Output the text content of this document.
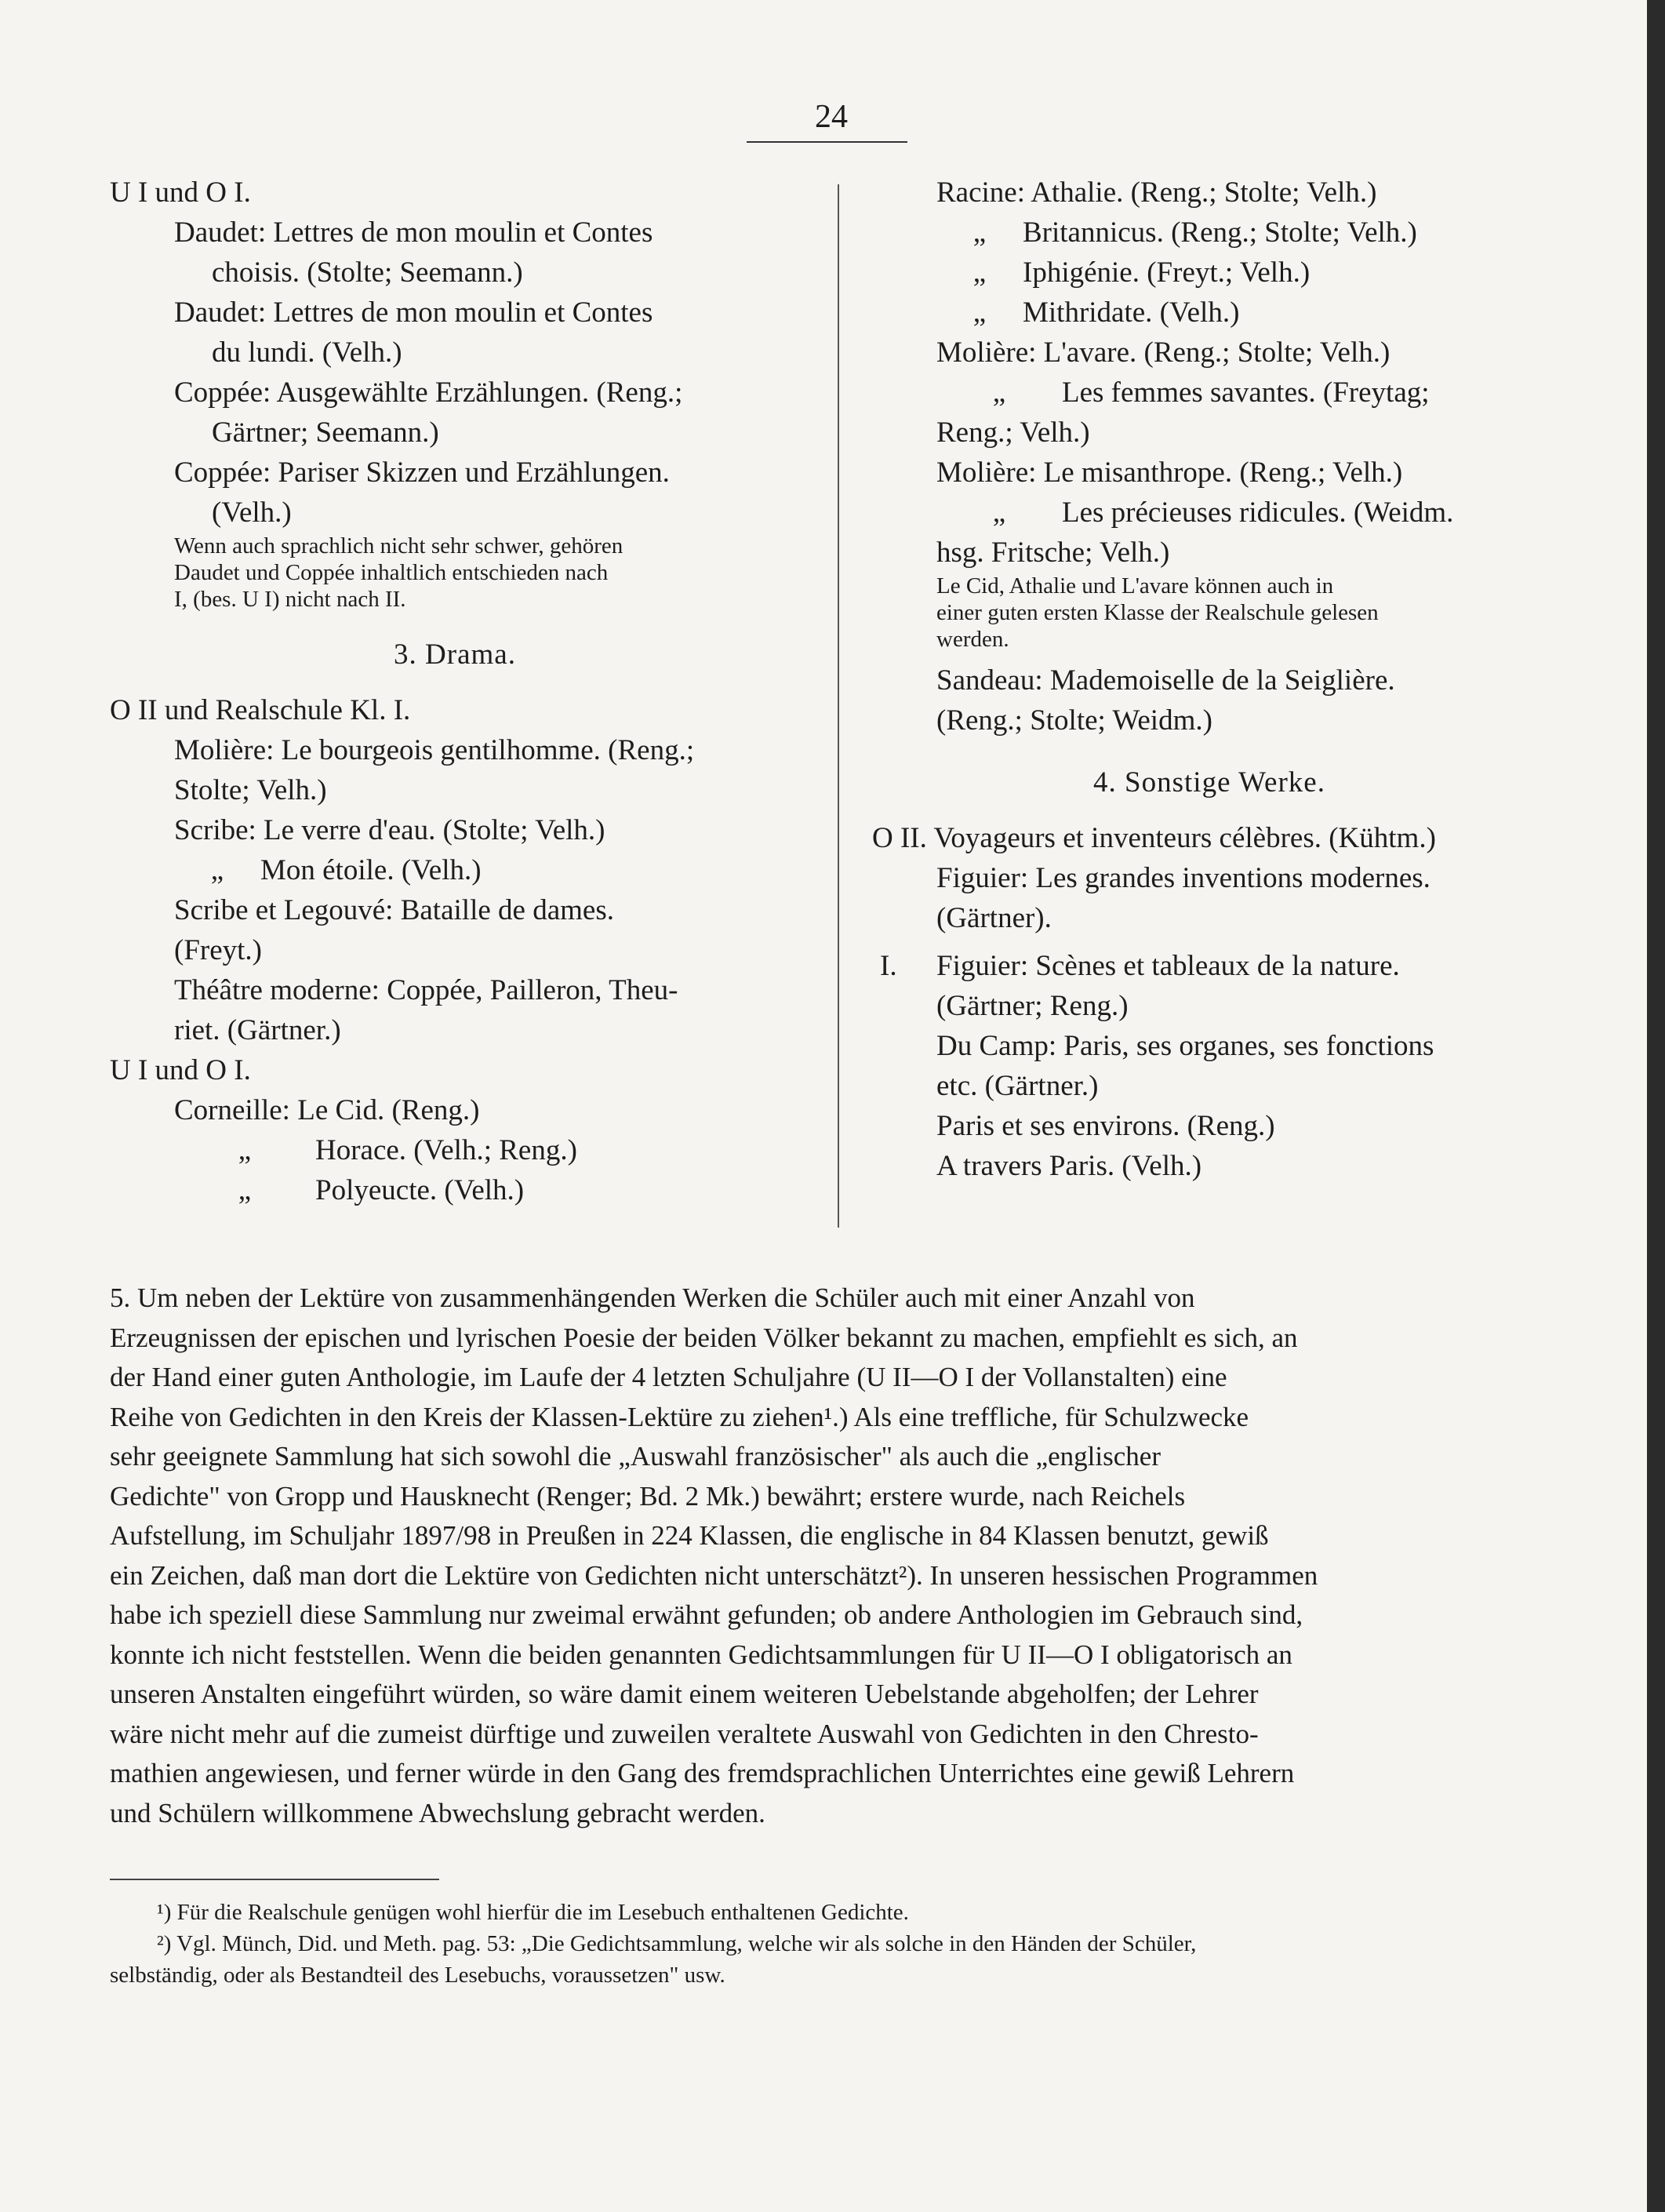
24
U I und O I.
Daudet: Lettres de mon moulin et Contes
choisis. (Stolte; Seemann.)
Daudet: Lettres de mon moulin et Contes
du lundi. (Velh.)
Coppée: Ausgewählte Erzählungen. (Reng.;
Gärtner; Seemann.)
Coppée: Pariser Skizzen und Erzählungen.
(Velh.)
Wenn auch sprachlich nicht sehr schwer, gehören
Daudet und Coppée inhaltlich entschieden nach
I, (bes. U I) nicht nach II.
3. Drama.
O II und Realschule Kl. I.
Molière: Le bourgeois gentilhomme. (Reng.;
Stolte; Velh.)
Scribe: Le verre d'eau. (Stolte; Velh.)
„ Mon étoile. (Velh.)
Scribe et Legouvé: Bataille de dames.
(Freyt.)
Théâtre moderne: Coppée, Pailleron, Theu-
riet. (Gärtner.)
U I und O I.
Corneille: Le Cid. (Reng.)
„ Horace. (Velh.; Reng.)
„ Polyeucte. (Velh.)
Racine: Athalie. (Reng.; Stolte; Velh.)
„ Britannicus. (Reng.; Stolte; Velh.)
„ Iphigénie. (Freyt.; Velh.)
„ Mithridate. (Velh.)
Molière: L'avare. (Reng.; Stolte; Velh.)
„ Les femmes savantes. (Freytag;
Reng.; Velh.)
Molière: Le misanthrope. (Reng.; Velh.)
„ Les précieuses ridicules. (Weidm.
hsg. Fritsche; Velh.)
Le Cid, Athalie und L'avare können auch in
einer guten ersten Klasse der Realschule gelesen
werden.
Sandeau: Mademoiselle de la Seiglière.
(Reng.; Stolte; Weidm.)
4. Sonstige Werke.
O II. Voyageurs et inventeurs célèbres. (Kühtm.)
Figuier: Les grandes inventions modernes.
(Gärtner).
I. Figuier: Scènes et tableaux de la nature.
(Gärtner; Reng.)
Du Camp: Paris, ses organes, ses fonctions
etc. (Gärtner.)
Paris et ses environs. (Reng.)
A travers Paris. (Velh.)
5. Um neben der Lektüre von zusammenhängenden Werken die Schüler auch mit einer Anzahl von
Erzeugnissen der epischen und lyrischen Poesie der beiden Völker bekannt zu machen, empfiehlt es sich, an
der Hand einer guten Anthologie, im Laufe der 4 letzten Schuljahre (U II—O I der Vollanstalten) eine
Reihe von Gedichten in den Kreis der Klassen-Lektüre zu ziehen¹.) Als eine treffliche, für Schulzwecke
sehr geeignete Sammlung hat sich sowohl die „Auswahl französischer" als auch die „englischer
Gedichte" von Gropp und Hausknecht (Renger; Bd. 2 Mk.) bewährt; erstere wurde, nach Reichels
Aufstellung, im Schuljahr 1897/98 in Preußen in 224 Klassen, die englische in 84 Klassen benutzt, gewiß
ein Zeichen, daß man dort die Lektüre von Gedichten nicht unterschätzt²). In unseren hessischen Programmen
habe ich speziell diese Sammlung nur zweimal erwähnt gefunden; ob andere Anthologien im Gebrauch sind,
konnte ich nicht feststellen. Wenn die beiden genannten Gedichtsammlungen für U II—O I obligatorisch an
unseren Anstalten eingeführt würden, so wäre damit einem weiteren Uebelstande abgeholfen; der Lehrer
wäre nicht mehr auf die zumeist dürftige und zuweilen veraltete Auswahl von Gedichten in den Chresto-
mathien angewiesen, und ferner würde in den Gang des fremdsprachlichen Unterrichtes eine gewiß Lehrern
und Schülern willkommene Abwechslung gebracht werden.
¹) Für die Realschule genügen wohl hierfür die im Lesebuch enthaltenen Gedichte.
²) Vgl. Münch, Did. und Meth. pag. 53: „Die Gedichtsammlung, welche wir als solche in den Händen der Schüler,
selbständig, oder als Bestandteil des Lesebuchs, voraussetzen" usw.
